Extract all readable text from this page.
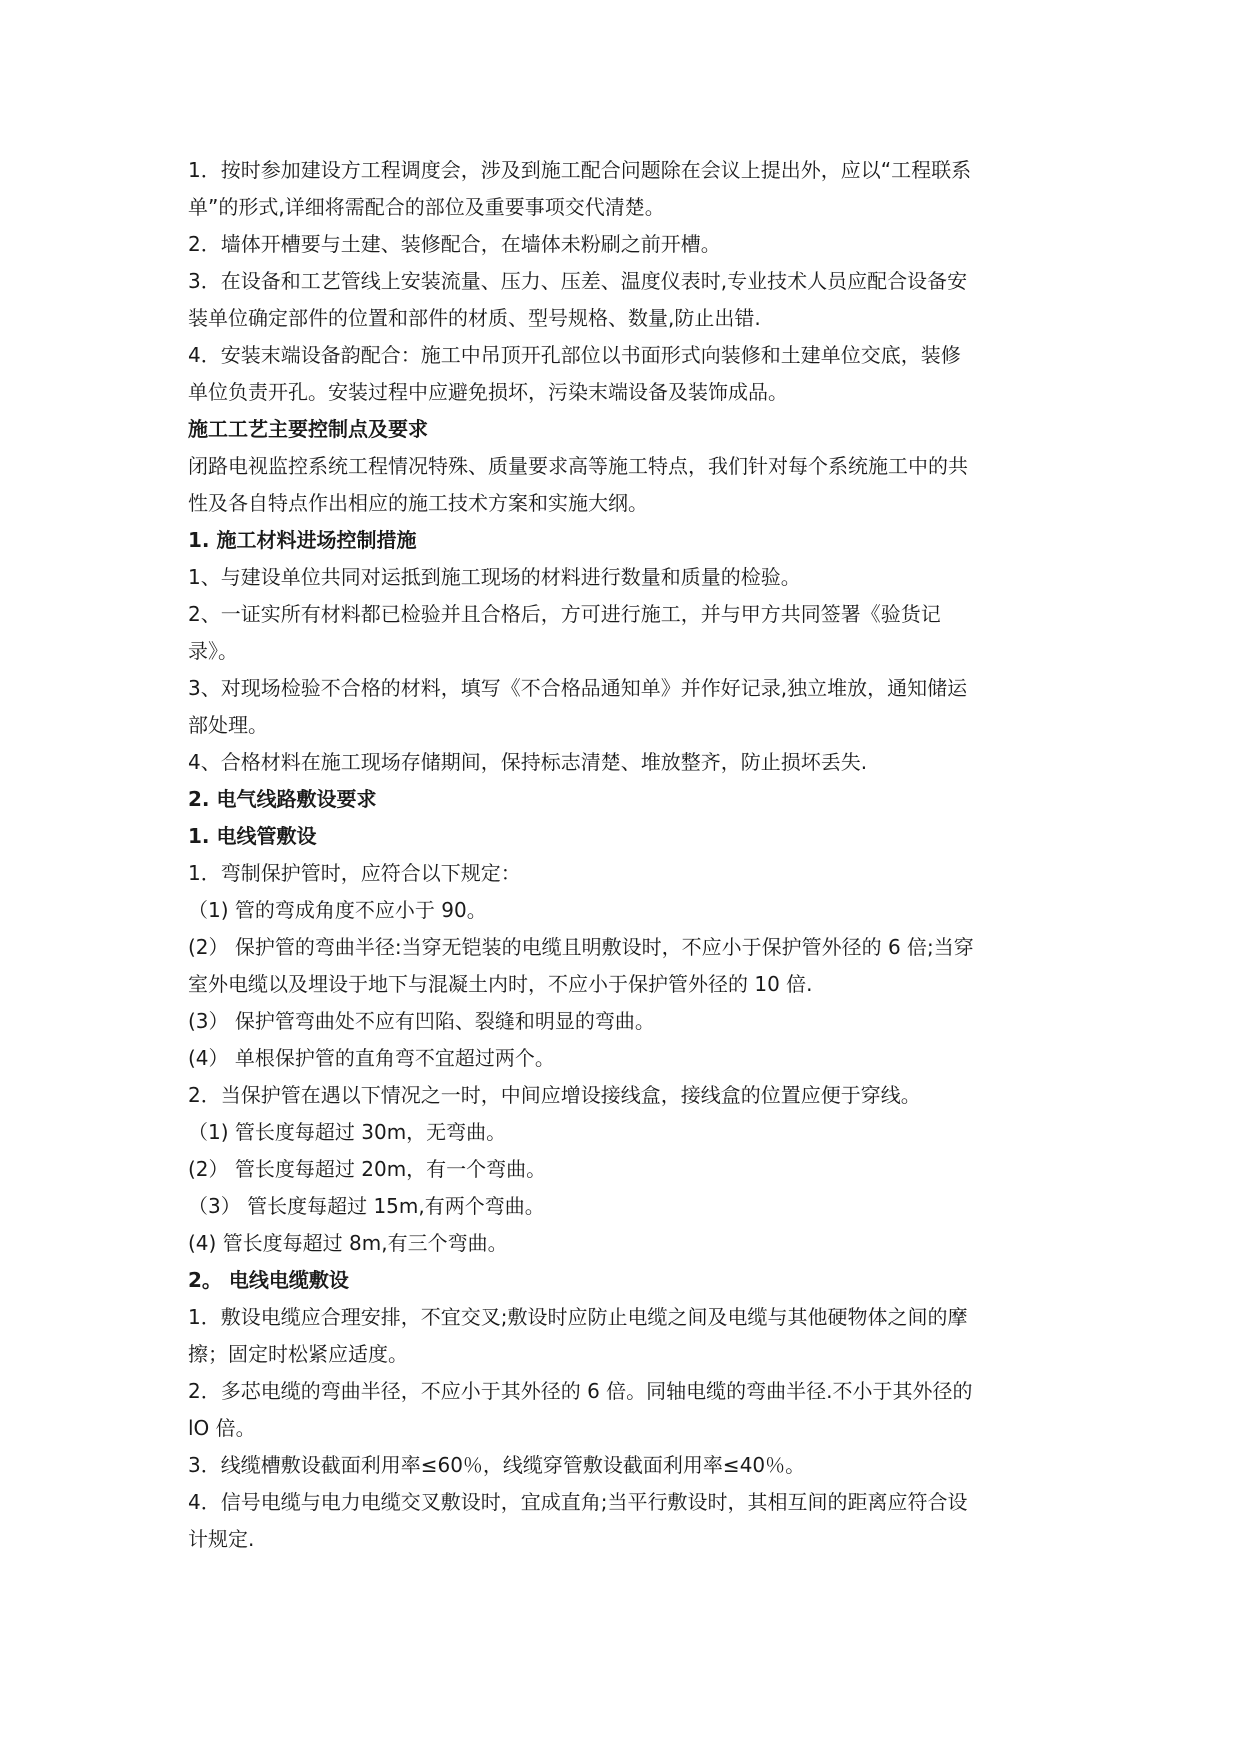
1．按时参加建设方工程调度会，涉及到施工配合问题除在会议上提出外，应以“工程联系
单”的形式,详细将需配合的部位及重要事项交代清楚。
2．墙体开槽要与土建、装修配合，在墙体未粉刷之前开槽。
3．在设备和工艺管线上安装流量、压力、压差、温度仪表时,专业技术人员应配合设备安
装单位确定部件的位置和部件的材质、型号规格、数量,防止出错.
4．安装末端设备韵配合：施工中吊顶开孔部位以书面形式向装修和土建单位交底，装修
单位负责开孔。安装过程中应避免损坏，污染末端设备及装饰成品。
施工工艺主要控制点及要求
闭路电视监控系统工程情况特殊、质量要求高等施工特点，我们针对每个系统施工中的共
性及各自特点作出相应的施工技术方案和实施大纲。
1. 施工材料进场控制措施
1、与建设单位共同对运抵到施工现场的材料进行数量和质量的检验。
2、一证实所有材料都已检验并且合格后，方可进行施工，并与甲方共同签署《验货记
录》。
3、对现场检验不合格的材料，填写《不合格品通知单》并作好记录,独立堆放，通知储运
部处理。
4、合格材料在施工现场存储期间，保持标志清楚、堆放整齐，防止损坏丢失.
2. 电气线路敷设要求
1. 电线管敷设
1．弯制保护管时，应符合以下规定：
（1) 管的弯成角度不应小于 90。
(2） 保护管的弯曲半径:当穿无铠装的电缆且明敷设时，不应小于保护管外径的 6 倍;当穿
室外电缆以及埋设于地下与混凝土内时，不应小于保护管外径的 10 倍.
(3） 保护管弯曲处不应有凹陷、裂缝和明显的弯曲。
(4） 单根保护管的直角弯不宜超过两个。
2．当保护管在遇以下情况之一时，中间应增设接线盒，接线盒的位置应便于穿线。
（1) 管长度每超过 30m，无弯曲。
(2） 管长度每超过 20m，有一个弯曲。
（3） 管长度每超过 15m,有两个弯曲。
(4) 管长度每超过 8m,有三个弯曲。
2。 电线电缆敷设
1．敷设电缆应合理安排，不宜交叉;敷设时应防止电缆之间及电缆与其他硬物体之间的摩
擦；固定时松紧应适度。
2．多芯电缆的弯曲半径，不应小于其外径的 6 倍。同轴电缆的弯曲半径.不小于其外径的
lO 倍。
3．线缆槽敷设截面利用率≤60％，线缆穿管敷设截面利用率≤40％。
4．信号电缆与电力电缆交叉敷设时，宜成直角;当平行敷设时，其相互间的距离应符合设
计规定.
